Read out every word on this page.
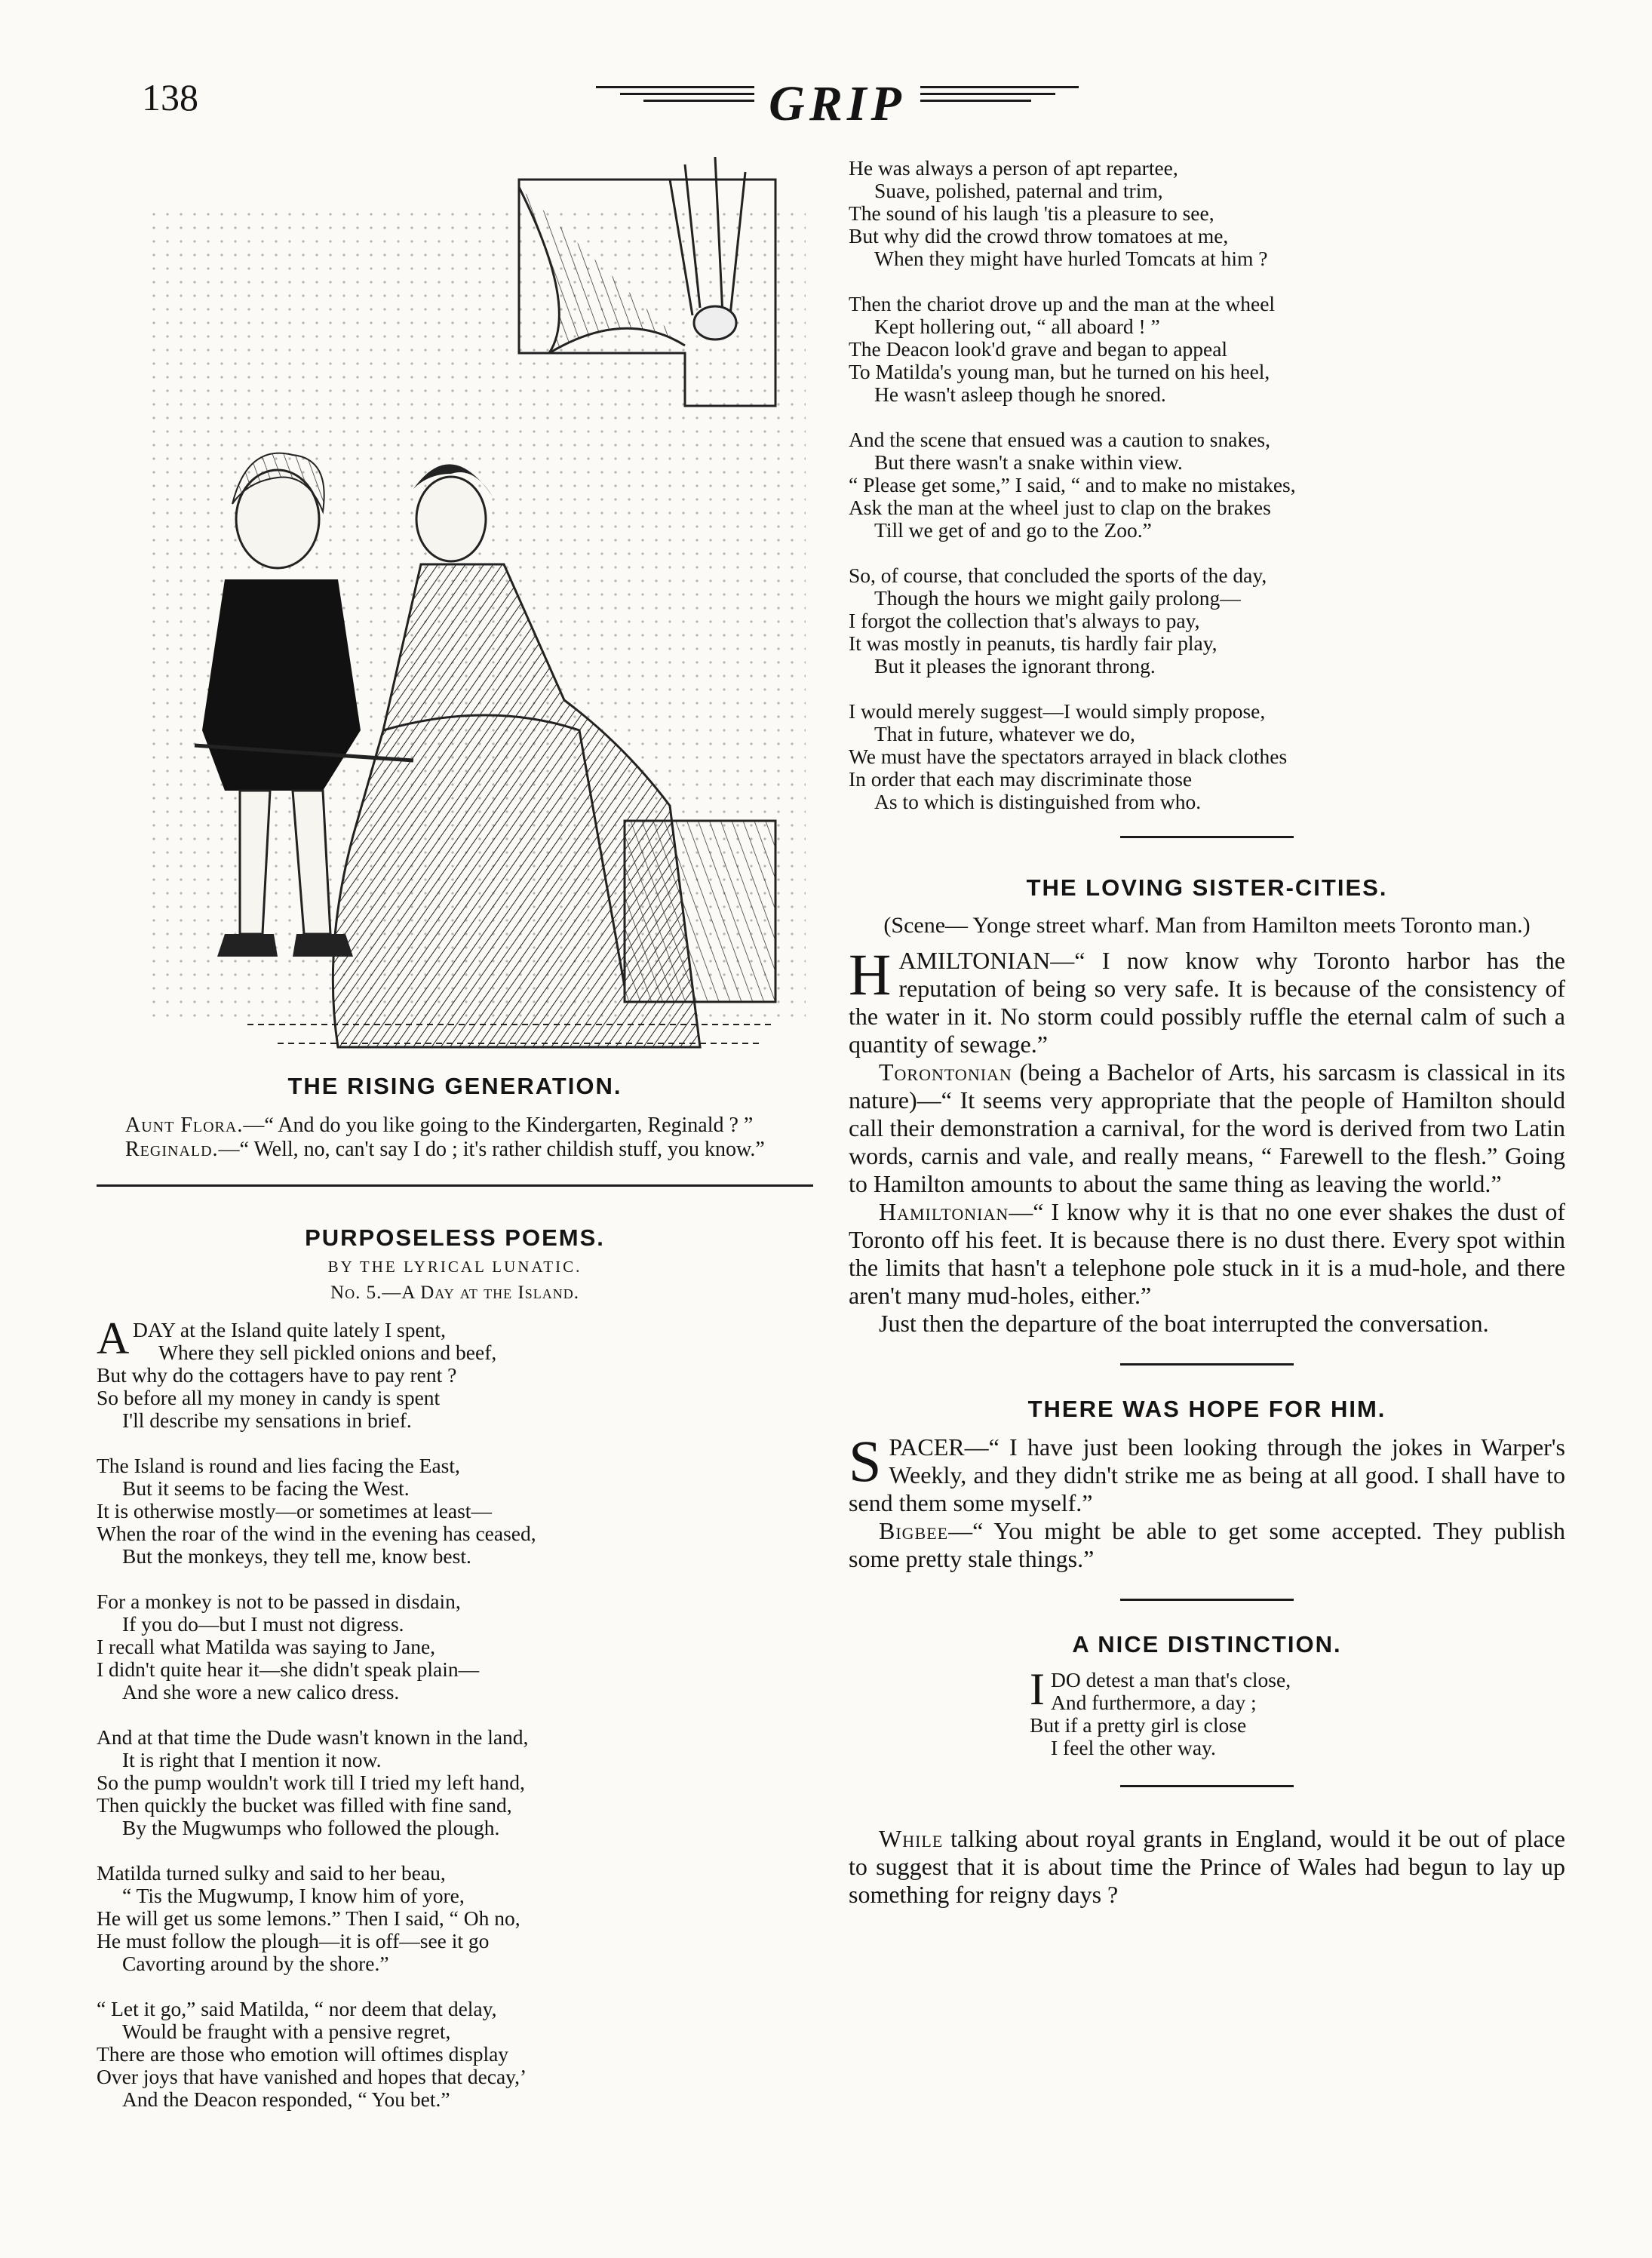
138	GRIP
THE RISING GENERATION.

Aunt Flora.—“ And do you like going to the Kindergarten, Reginald ? ”

Reginald.—“ Well, no, can't say I do ; it's rather childish stuff, you know.”

PURPOSELESS POEMS.
BY THE LYRICAL LUNATIC.
No. 5.—A Day at the Island.
A DAY at the Island quite lately I spent,
Where they sell pickled onions and beef,
But why do the cottagers have to pay rent ?
So before all my money in candy is spent
I'll describe my sensations in brief.
The Island is round and lies facing the East,
But it seems to be facing the West.
It is otherwise mostly—or sometimes at least—
When the roar of the wind in the evening has ceased,
But the monkeys, they tell me, know best.
For a monkey is not to be passed in disdain,
If you do—but I must not digress.
I recall what Matilda was saying to Jane,
I didn't quite hear it—she didn't speak plain—
And she wore a new calico dress.
And at that time the Dude wasn't known in the land,
It is right that I mention it now.
So the pump wouldn't work till I tried my left hand,
Then quickly the bucket was filled with fine sand,
By the Mugwumps who followed the plough.
Matilda turned sulky and said to her beau,
“ Tis the Mugwump, I know him of yore,
He will get us some lemons.” Then I said, “ Oh no,
He must follow the plough—it is off—see it go
Cavorting around by the shore.”
“ Let it go,” said Matilda, “ nor deem that delay,
Would be fraught with a pensive regret,
There are those who emotion will oftimes display
Over joys that have vanished and hopes that decay,’
And the Deacon responded, “ You bet.”
He was always a person of apt repartee,
Suave, polished, paternal and trim,
The sound of his laugh 'tis a pleasure to see,
But why did the crowd throw tomatoes at me,
When they might have hurled Tomcats at him ?
Then the chariot drove up and the man at the wheel
Kept hollering out, “ all aboard ! ”
The Deacon look'd grave and began to appeal
To Matilda's young man, but he turned on his heel,
He wasn't asleep though he snored.
And the scene that ensued was a caution to snakes,
But there wasn't a snake within view.
“ Please get some,” I said, “ and to make no mistakes,
Ask the man at the wheel just to clap on the brakes
Till we get of and go to the Zoo.”
So, of course, that concluded the sports of the day,
Though the hours we might gaily prolong—
I forgot the collection that's always to pay,
It was mostly in peanuts, tis hardly fair play,
But it pleases the ignorant throng.
I would merely suggest—I would simply propose,
That in future, whatever we do,
We must have the spectators arrayed in black clothes
In order that each may discriminate those
As to which is distinguished from who.
THE LOVING SISTER-CITIES.
(Scene— Yonge street wharf. Man from Hamilton meets Toronto man.)

HAMILTONIAN—“ I now know why Toronto harbor has the reputation of being so very safe. It is because of the consistency of the water in it. No storm could possibly ruffle the eternal calm of such a quantity of sewage.”

Torontonian (being a Bachelor of Arts, his sarcasm is classical in its nature)—“ It seems very appropriate that the people of Hamilton should call their demonstration a carnival, for the word is derived from two Latin words, carnis and vale, and really means, “ Farewell to the flesh.” Going to Hamilton amounts to about the same thing as leaving the world.”

Hamiltonian—“ I know why it is that no one ever shakes the dust of Toronto off his feet. It is because there is no dust there. Every spot within the limits that hasn't a telephone pole stuck in it is a mud-hole, and there aren't many mud-holes, either.”

Just then the departure of the boat interrupted the conversation.

THERE WAS HOPE FOR HIM.

SPACER—“ I have just been looking through the jokes in Warper's Weekly, and they didn't strike me as being at all good. I shall have to send them some myself.”

Bigbee—“ You might be able to get some accepted. They publish some pretty stale things.”

A NICE DISTINCTION.
I DO detest a man that's close,
And furthermore, a day ;
But if a pretty girl is close
I feel the other way.

While talking about royal grants in England, would it be out of place to suggest that it is about time the Prince of Wales had begun to lay up something for reigny days ?
